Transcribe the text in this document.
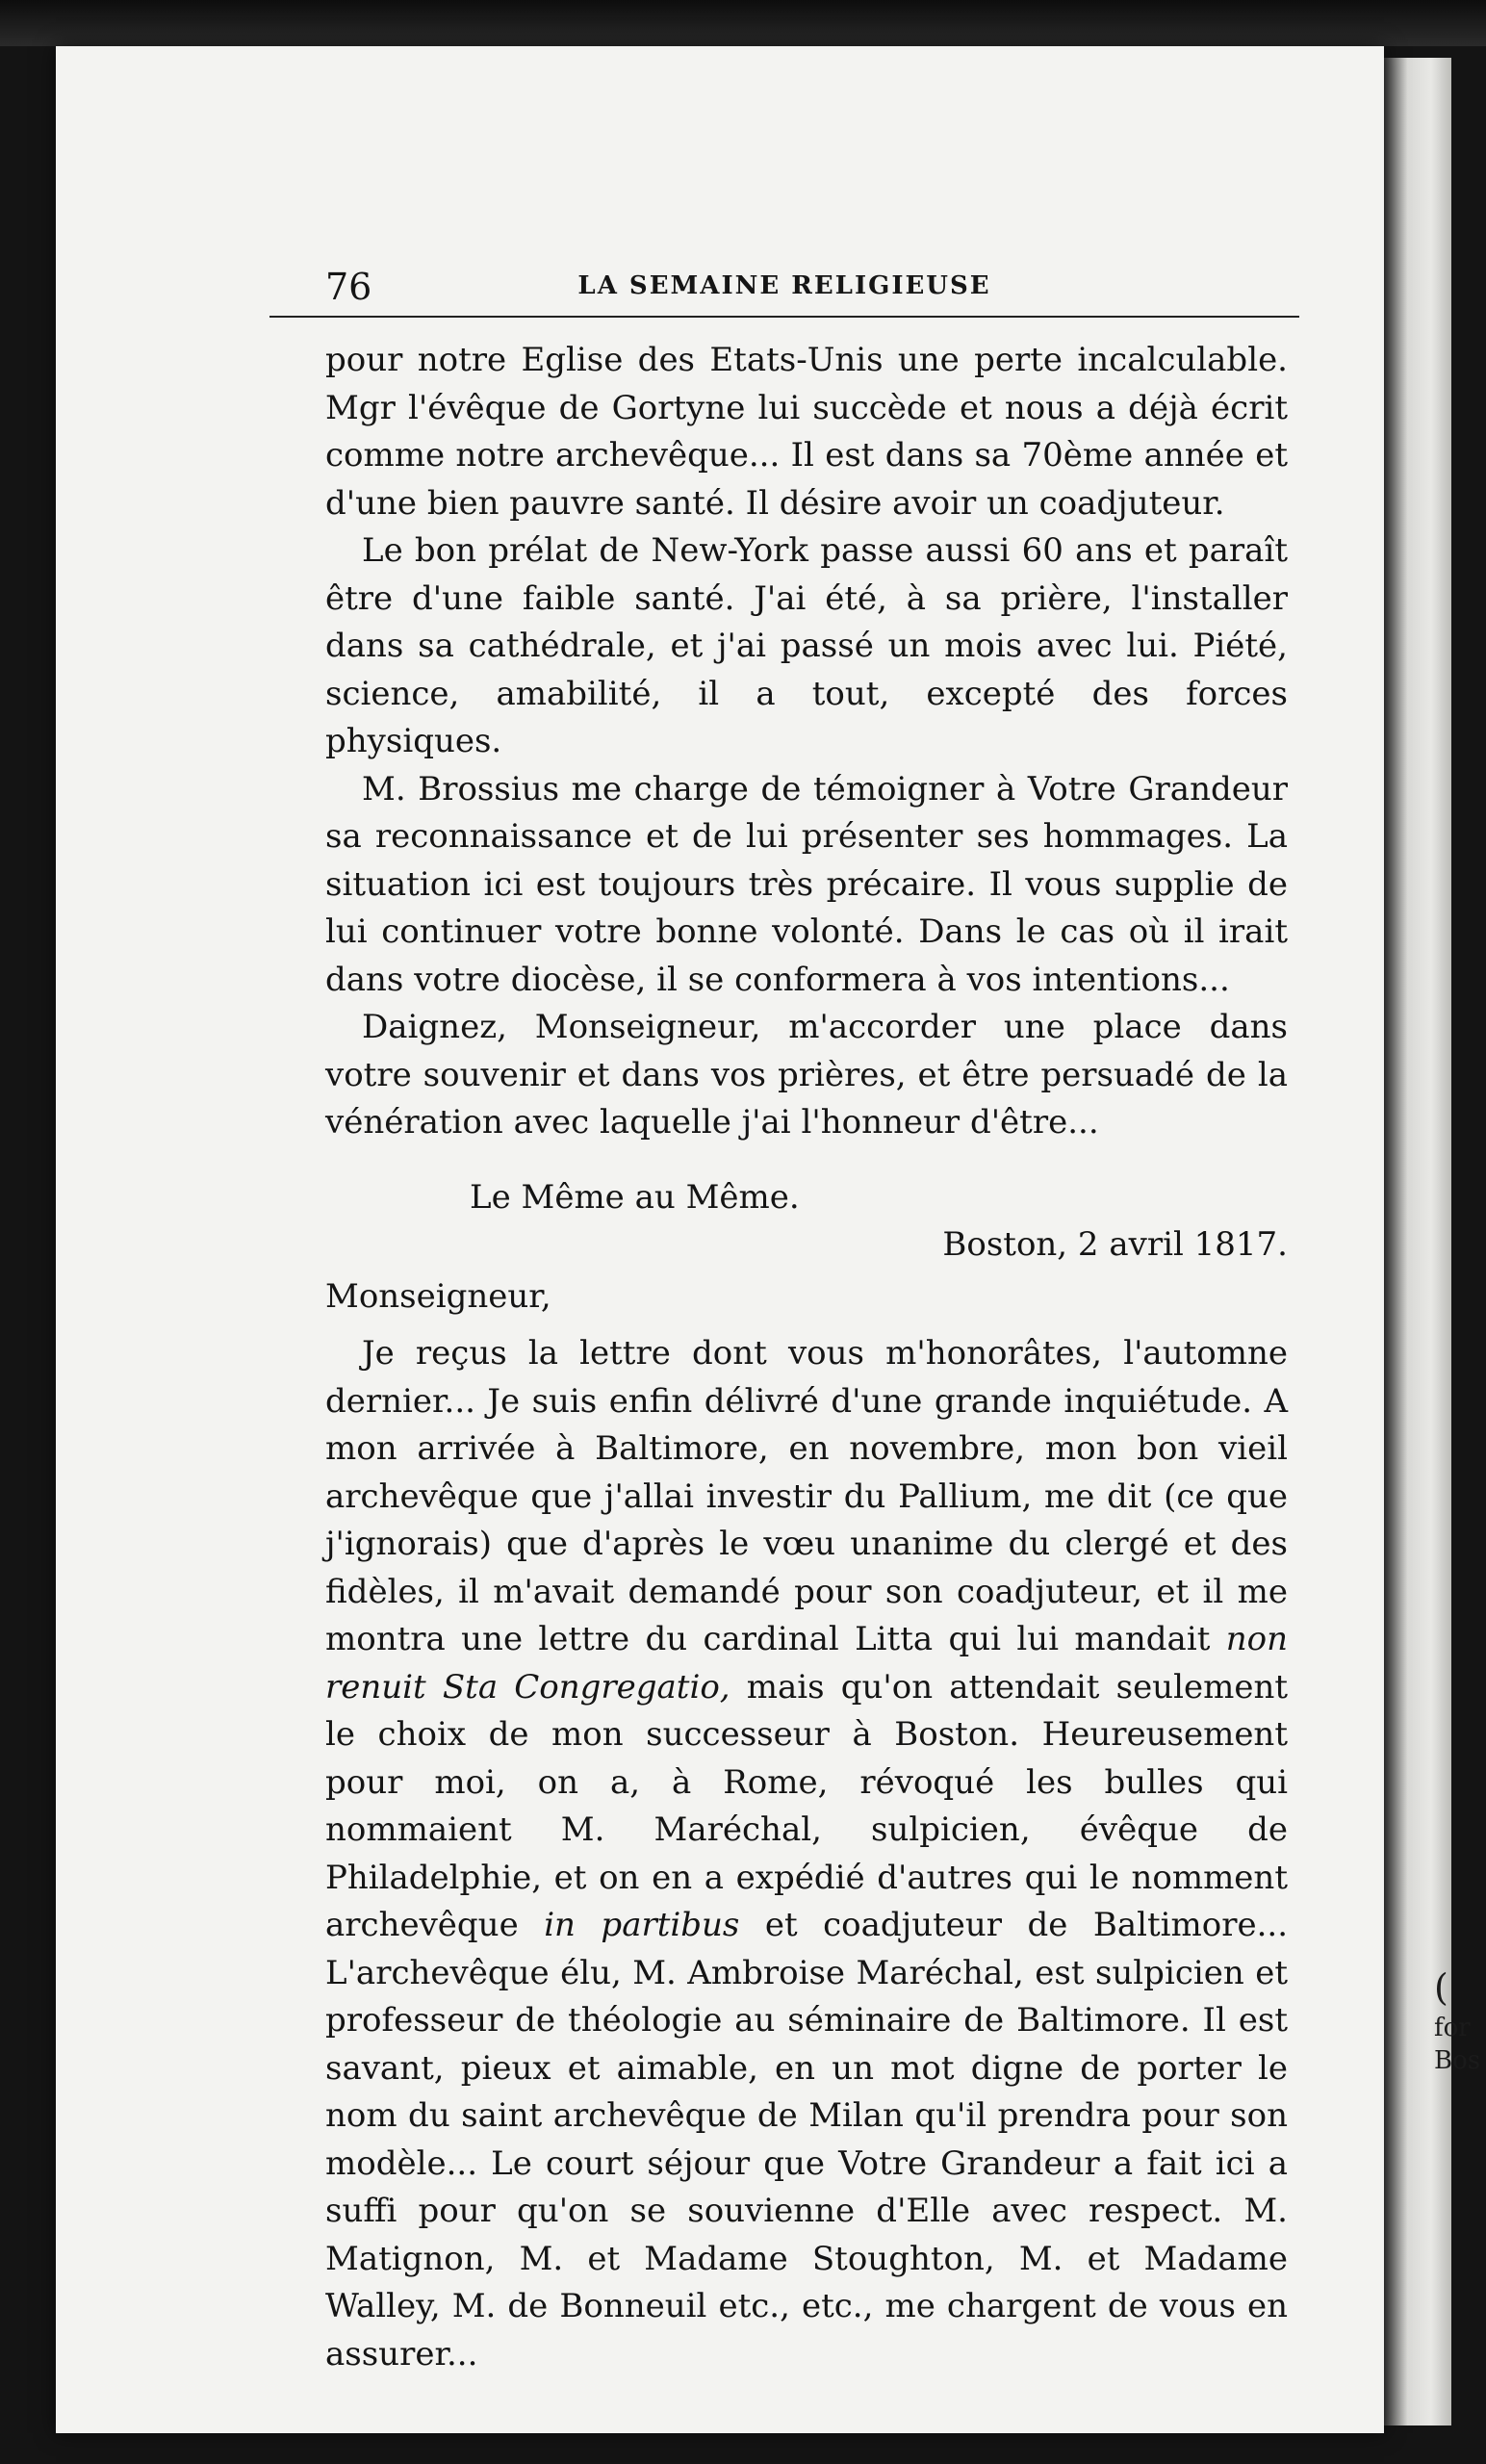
76	LA SEMAINE RELIGIEUSE

pour notre Eglise des Etats-Unis une perte incalculable. Mgr l'évêque de Gortyne lui succède et nous a déjà écrit comme notre archevêque... Il est dans sa 70ème année et d'une bien pauvre santé. Il désire avoir un coadjuteur.

Le bon prélat de New-York passe aussi 60 ans et paraît être d'une faible santé. J'ai été, à sa prière, l'installer dans sa cathédrale, et j'ai passé un mois avec lui. Piété, science, amabilité, il a tout, excepté des forces physiques.

M. Brossius me charge de témoigner à Votre Grandeur sa reconnaissance et de lui présenter ses hommages. La situation ici est toujours très précaire. Il vous supplie de lui continuer votre bonne volonté. Dans le cas où il irait dans votre diocèse, il se conformera à vos intentions...

Daignez, Monseigneur, m'accorder une place dans votre souvenir et dans vos prières, et être persuadé de la vénération avec laquelle j'ai l'honneur d'être...

Le Même au Même.

Boston, 2 avril 1817.

Monseigneur,

Je reçus la lettre dont vous m'honorâtes, l'automne dernier... Je suis enfin délivré d'une grande inquiétude. A mon arrivée à Baltimore, en novembre, mon bon vieil archevêque que j'allai investir du Pallium, me dit (ce que j'ignorais) que d'après le vœu unanime du clergé et des fidèles, il m'avait demandé pour son coadjuteur, et il me montra une lettre du cardinal Litta qui lui mandait non renuit Sta Congregatio, mais qu'on attendait seulement le choix de mon successeur à Boston. Heureusement pour moi, on a, à Rome, révoqué les bulles qui nommaient M. Maréchal, sulpicien, évêque de Philadelphie, et on en a expédié d'autres qui le nomment archevêque in partibus et coadjuteur de Baltimore... L'archevêque élu, M. Ambroise Maréchal, est sulpicien et professeur de théologie au séminaire de Baltimore. Il est savant, pieux et aimable, en un mot digne de porter le nom du saint archevêque de Milan qu'il prendra pour son modèle... Le court séjour que Votre Grandeur a fait ici a suffi pour qu'on se souvienne d'Elle avec respect. M. Matignon, M. et Madame Stoughton, M. et Madame Walley, M. de Bonneuil etc., etc., me chargent de vous en assurer...

(
for
Bos
